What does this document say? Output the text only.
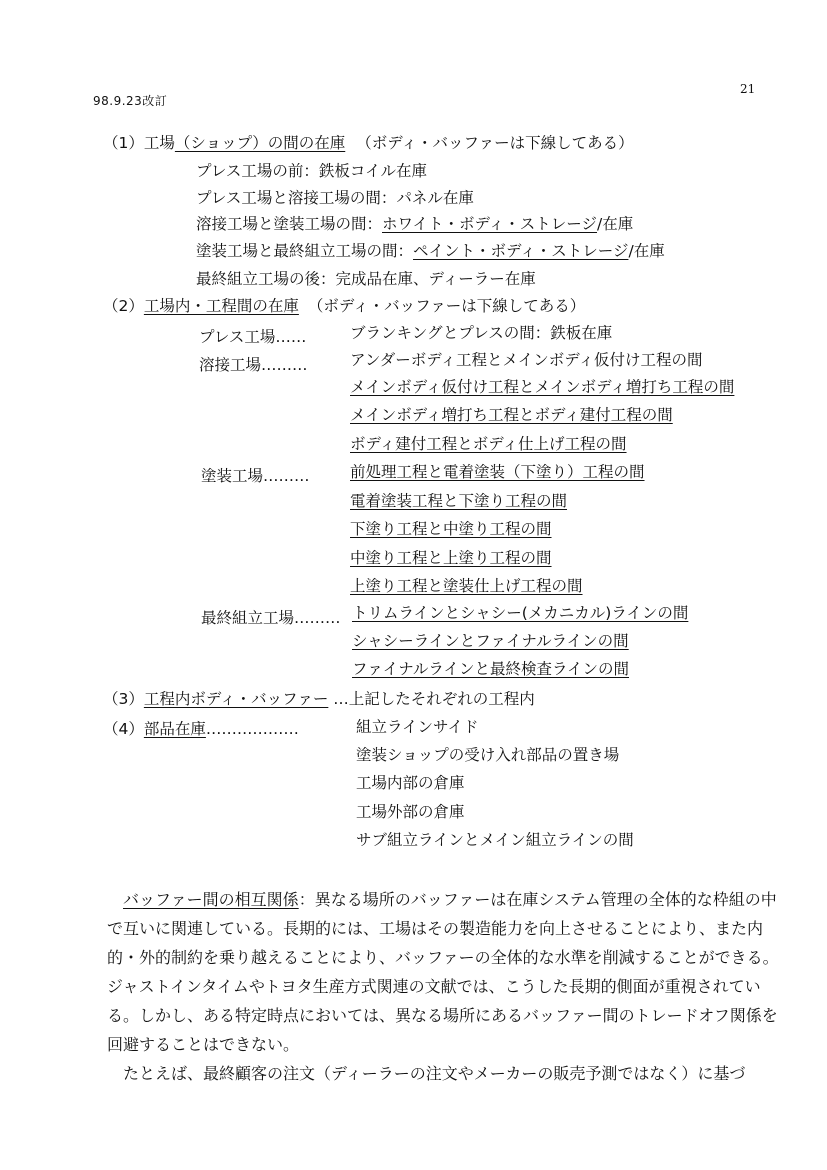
98.9.23改訂
21
（1）工場（ショップ）の間の在庫 （ボディ・バッファーは下線してある）
プレス工場の前：鉄板コイル在庫
プレス工場と溶接工場の間：パネル在庫
溶接工場と塗装工場の間：ホワイト・ボディ・ストレージ/在庫
塗装工場と最終組立工場の間：ペイント・ボディ・ストレージ/在庫
最終組立工場の後：完成品在庫、ディーラー在庫
（2）工場内・工程間の在庫 （ボディ・バッファーは下線してある）
プレス工場……	ブランキングとプレスの間：鉄板在庫
溶接工場………	アンダーボディ工程とメインボディ仮付け工程の間
メインボディ仮付け工程とメインボディ増打ち工程の間
メインボディ増打ち工程とボディ建付工程の間
ボディ建付工程とボディ仕上げ工程の間
塗装工場………	前処理工程と電着塗装（下塗り）工程の間
電着塗装工程と下塗り工程の間
下塗り工程と中塗り工程の間
中塗り工程と上塗り工程の間
上塗り工程と塗装仕上げ工程の間
最終組立工場……… トリムラインとシャシー(メカニカル)ラインの間
シャシーラインとファイナルラインの間
ファイナルラインと最終検査ラインの間
（3）工程内ボディ・バッファー …上記したそれぞれの工程内
（4）部品在庫………………	組立ラインサイド
塗装ショップの受け入れ部品の置き場
工場内部の倉庫
工場外部の倉庫
サブ組立ラインとメイン組立ラインの間

バッファー間の相互関係：異なる場所のバッファーは在庫システム管理の全体的な枠組の中で互いに関連している。長期的には、工場はその製造能力を向上させることにより、また内的・外的制約を乗り越えることにより、バッファーの全体的な水準を削減することができる。ジャストインタイムやトヨタ生産方式関連の文献では、こうした長期的側面が重視されている。しかし、ある特定時点においては、異なる場所にあるバッファー間のトレードオフ関係を回避することはできない。

たとえば、最終顧客の注文（ディーラーの注文やメーカーの販売予測ではなく）に基づ
